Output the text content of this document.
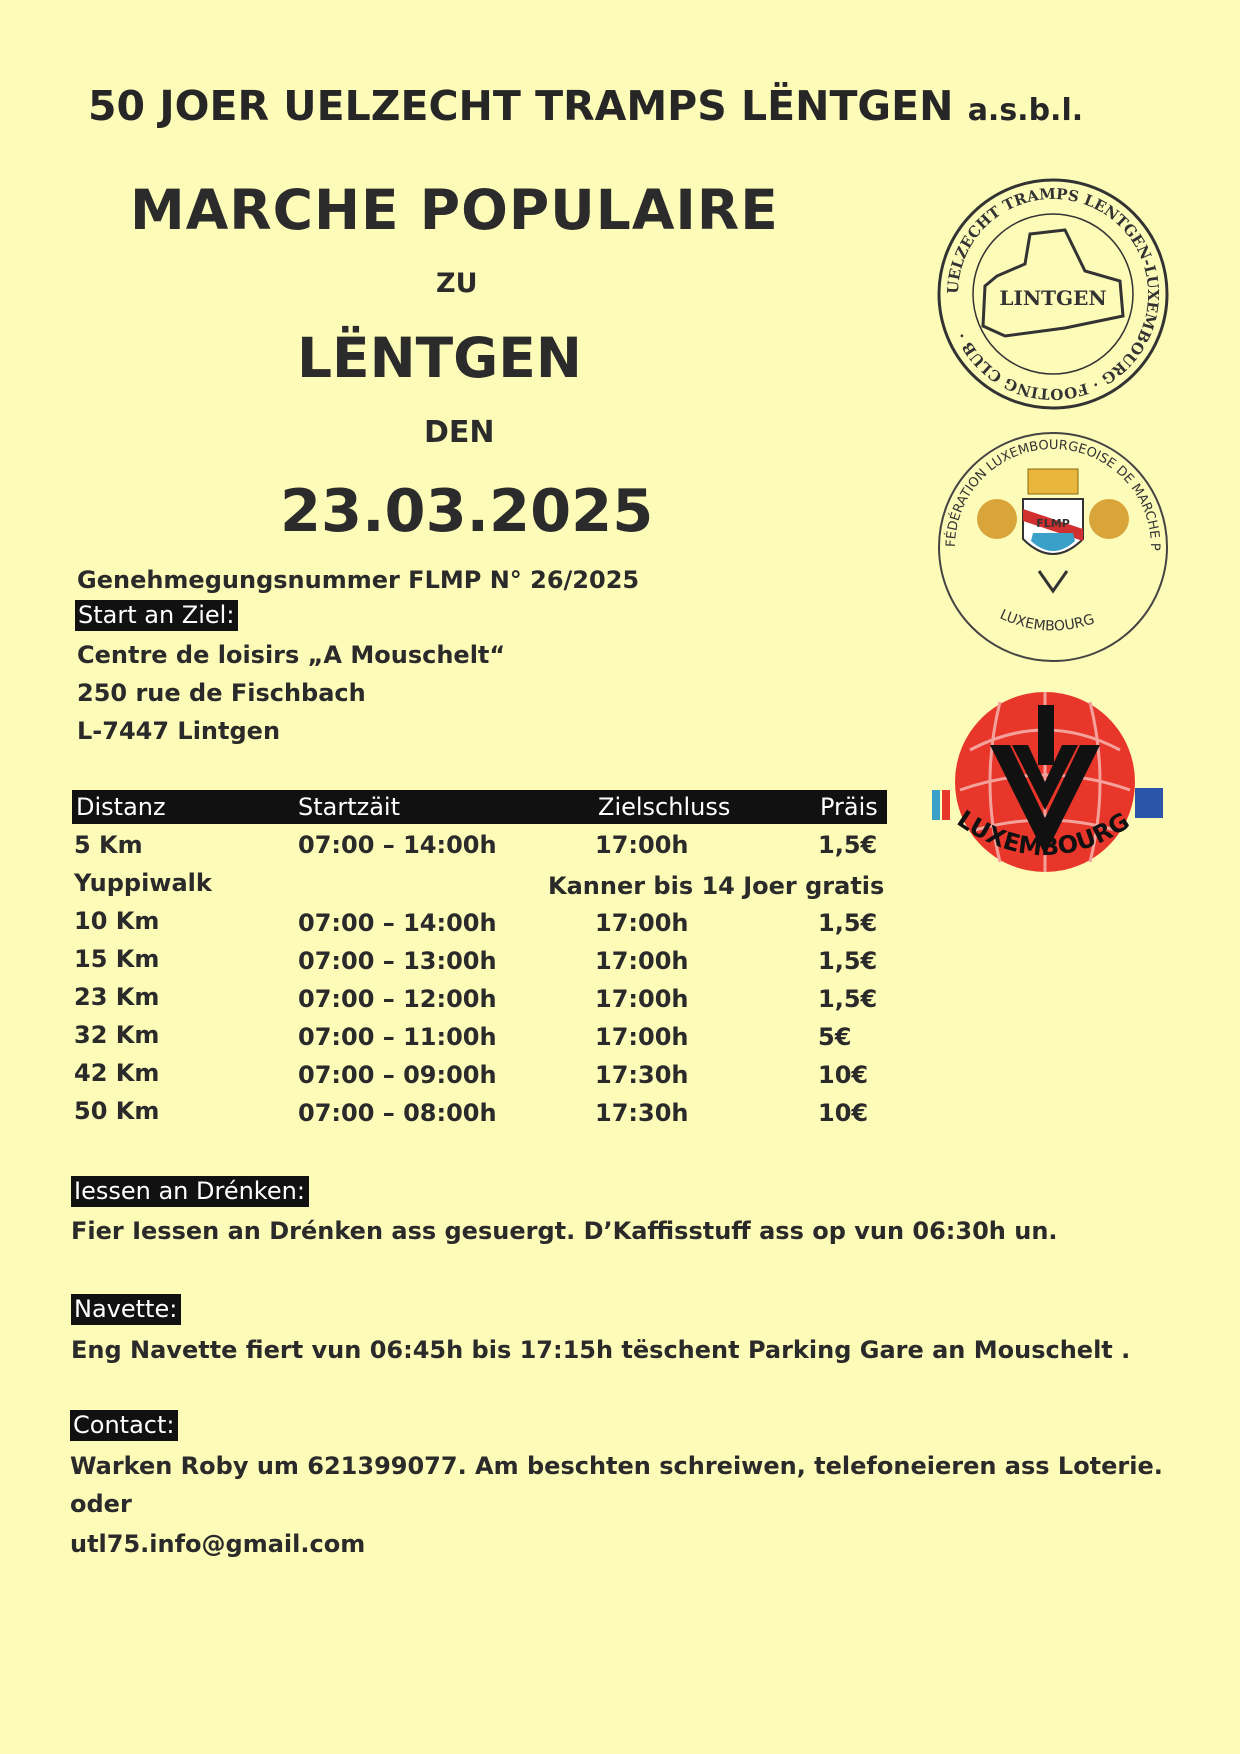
50 JOER UELZECHT TRAMPS LËNTGEN a.s.b.l.
MARCHE POPULAIRE
ZU
LËNTGEN
DEN
23.03.2025
Genehmegungsnummer FLMP N° 26/2025
Start an Ziel:
Centre de loisirs „A Mouschelt“
250 rue de Fischbach
L-7447 Lintgen
Distanz	Startzäit	Zielschluss	Präis
5 Km	07:00 – 14:00h	17:00h	1,5€
Yuppiwalk	Kanner bis 14 Joer gratis
10 Km	07:00 – 14:00h	17:00h	1,5€
15 Km	07:00 – 13:00h	17:00h	1,5€
23 Km	07:00 – 12:00h	17:00h	1,5€
32 Km	07:00 – 11:00h	17:00h	5€
42 Km	07:00 – 09:00h	17:30h	10€
50 Km	07:00 – 08:00h	17:30h	10€
Iessen an Drénken:
Fier Iessen an Drénken ass gesuergt. D’Kaffisstuff ass op vun 06:30h un.
Navette:
Eng Navette fiert vun 06:45h bis 17:15h tëschent Parking Gare an Mouschelt .
Contact:
Warken Roby um 621399077. Am beschten schreiwen, telefoneieren ass Loterie.
oder
utl75.info@gmail.com
UELZECHT TRAMPS LENTGEN-LUXEMBOURG · FOOTING CLUB ·
LINTGEN
FÉDÉRATION LUXEMBOURGEOISE DE MARCHE P
LUXEMBOURG
FLMP
LUXEMBOURG
